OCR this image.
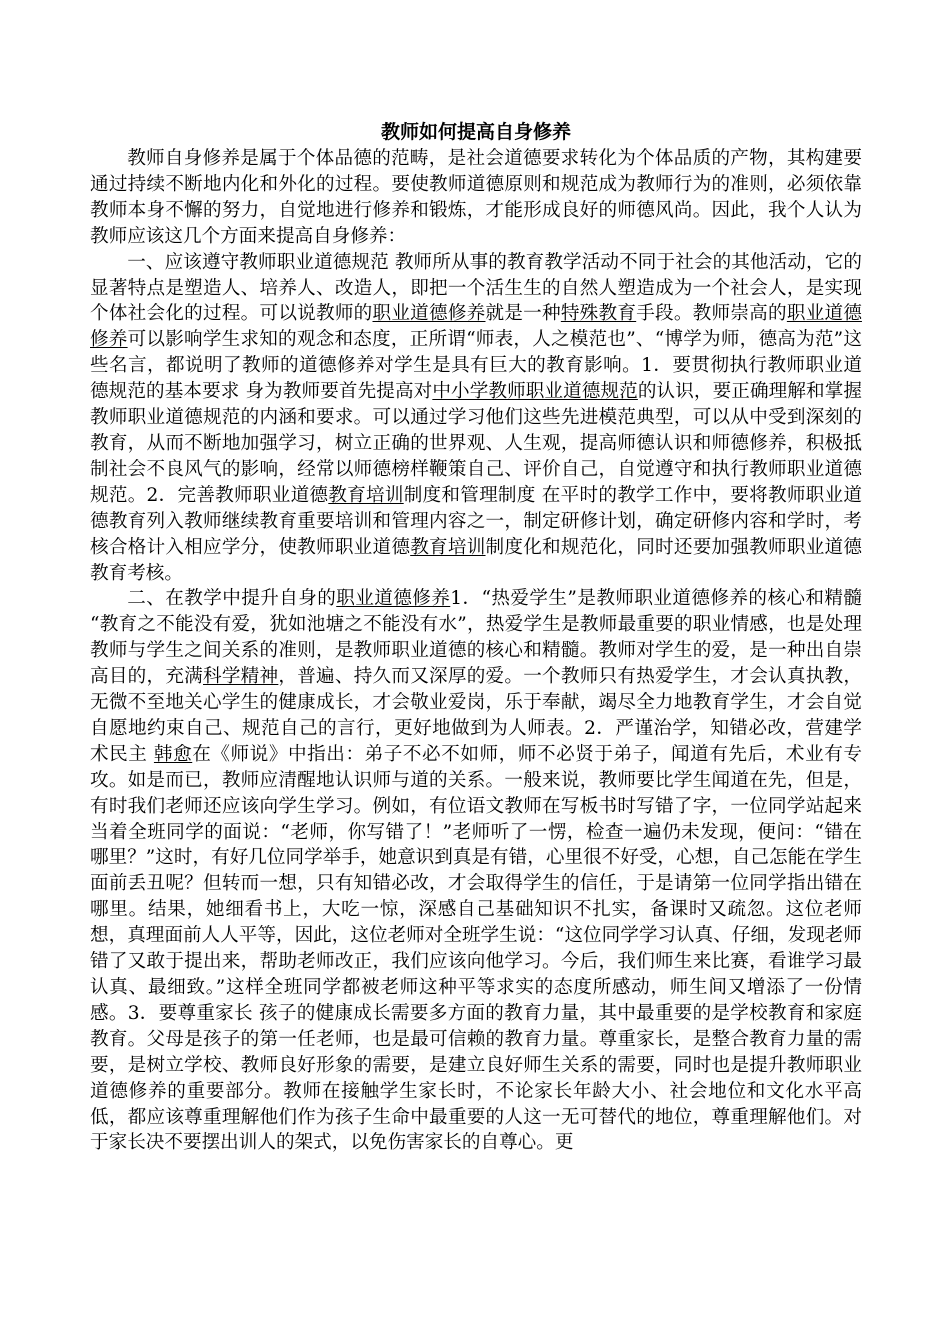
教师如何提高自身修养

教师自身修养是属于个体品德的范畴，是社会道德要求转化为个体品质的产物，其构建要通过持续不断地内化和外化的过程。要使教师道德原则和规范成为教师行为的准则，必须依靠教师本身不懈的努力，自觉地进行修养和锻炼，才能形成良好的师德风尚。因此，我个人认为教师应该这几个方面来提高自身修养：

一、应该遵守教师职业道德规范 教师所从事的教育教学活动不同于社会的其他活动，它的显著特点是塑造人、培养人、改造人，即把一个活生生的自然人塑造成为一个社会人，是实现个体社会化的过程。可以说教师的职业道德修养就是一种特殊教育手段。教师崇高的职业道德修养可以影响学生求知的观念和态度，正所谓“师表，人之模范也”、“博学为师，德高为范”这些名言，都说明了教师的道德修养对学生是具有巨大的教育影响。1．要贯彻执行教师职业道德规范的基本要求 身为教师要首先提高对中小学教师职业道德规范的认识，要正确理解和掌握教师职业道德规范的内涵和要求。可以通过学习他们这些先进模范典型，可以从中受到深刻的教育，从而不断地加强学习，树立正确的世界观、人生观，提高师德认识和师德修养，积极抵制社会不良风气的影响，经常以师德榜样鞭策自己、评价自己，自觉遵守和执行教师职业道德规范。2．完善教师职业道德教育培训制度和管理制度 在平时的教学工作中，要将教师职业道德教育列入教师继续教育重要培训和管理内容之一，制定研修计划，确定研修内容和学时，考核合格计入相应学分，使教师职业道德教育培训制度化和规范化，同时还要加强教师职业道德教育考核。

二、在教学中提升自身的职业道德修养1．“热爱学生”是教师职业道德修养的核心和精髓 “教育之不能没有爱，犹如池塘之不能没有水”，热爱学生是教师最重要的职业情感，也是处理教师与学生之间关系的准则，是教师职业道德的核心和精髓。教师对学生的爱，是一种出自崇高目的，充满科学精神，普遍、持久而又深厚的爱。一个教师只有热爱学生，才会认真执教，无微不至地关心学生的健康成长，才会敬业爱岗，乐于奉献，竭尽全力地教育学生，才会自觉自愿地约束自己、规范自己的言行，更好地做到为人师表。2．严谨治学，知错必改，营建学术民主 韩愈在《师说》中指出：弟子不必不如师，师不必贤于弟子，闻道有先后，术业有专攻。如是而已，教师应清醒地认识师与道的关系。一般来说，教师要比学生闻道在先，但是，有时我们老师还应该向学生学习。例如，有位语文教师在写板书时写错了字，一位同学站起来当着全班同学的面说：“老师，你写错了！”老师听了一愣，检查一遍仍未发现，便问：“错在哪里？”这时，有好几位同学举手，她意识到真是有错，心里很不好受，心想，自己怎能在学生面前丢丑呢？但转而一想，只有知错必改，才会取得学生的信任，于是请第一位同学指出错在哪里。结果，她细看书上，大吃一惊，深感自己基础知识不扎实，备课时又疏忽。这位老师想，真理面前人人平等，因此，这位老师对全班学生说：“这位同学学习认真、仔细，发现老师错了又敢于提出来，帮助老师改正，我们应该向他学习。今后，我们师生来比赛，看谁学习最认真、最细致。”这样全班同学都被老师这种平等求实的态度所感动，师生间又增添了一份情感。3．要尊重家长 孩子的健康成长需要多方面的教育力量，其中最重要的是学校教育和家庭教育。父母是孩子的第一任老师，也是最可信赖的教育力量。尊重家长，是整合教育力量的需要，是树立学校、教师良好形象的需要，是建立良好师生关系的需要，同时也是提升教师职业道德修养的重要部分。教师在接触学生家长时，不论家长年龄大小、社会地位和文化水平高低，都应该尊重理解他们作为孩子生命中最重要的人这一无可替代的地位，尊重理解他们。对于家长决不要摆出训人的架式，以免伤害家长的自尊心。更
